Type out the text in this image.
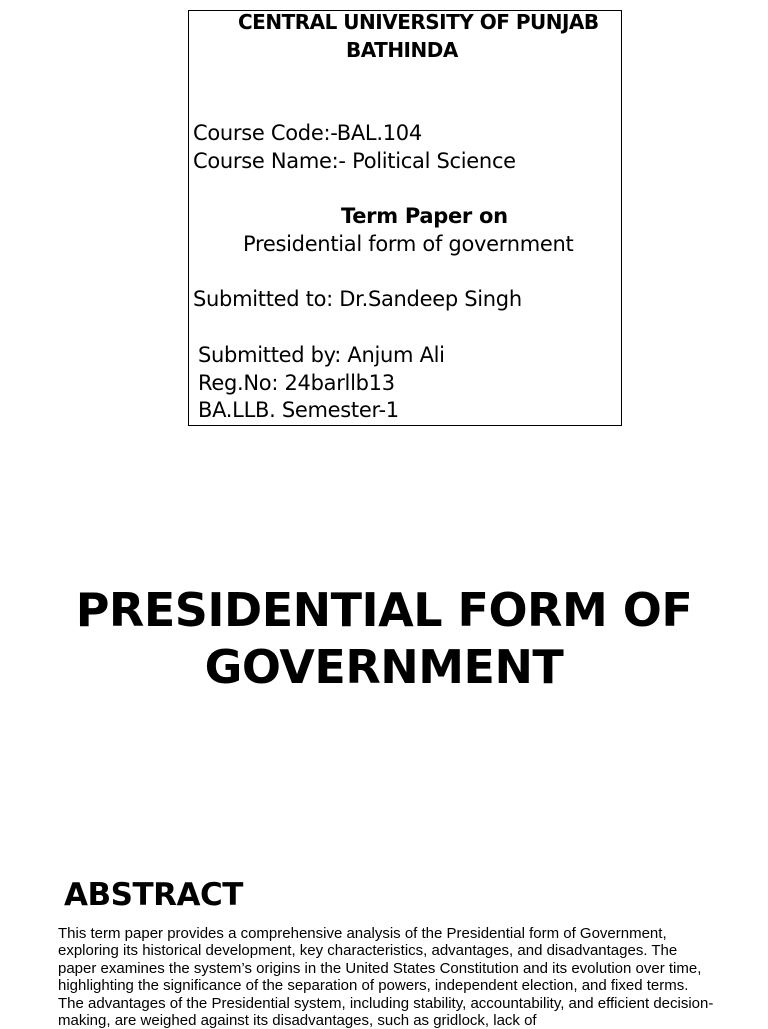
CENTRAL UNIVERSITY OF PUNJAB
BATHINDA
Course Code:-BAL.104
Course Name:- Political Science
Term Paper on
Presidential form of government
Submitted to: Dr.Sandeep Singh
Submitted by: Anjum Ali
Reg.No: 24barllb13
BA.LLB. Semester-1
PRESIDENTIAL FORM OF
GOVERNMENT
ABSTRACT
This term paper provides a comprehensive analysis of the Presidential form of Government, exploring its historical development, key characteristics, advantages, and disadvantages. The paper examines the system’s origins in the United States Constitution and its evolution over time, highlighting the significance of the separation of powers, independent election, and fixed terms. The advantages of the Presidential system, including stability, accountability, and efficient decision-making, are weighed against its disadvantages, such as gridlock, lack of
